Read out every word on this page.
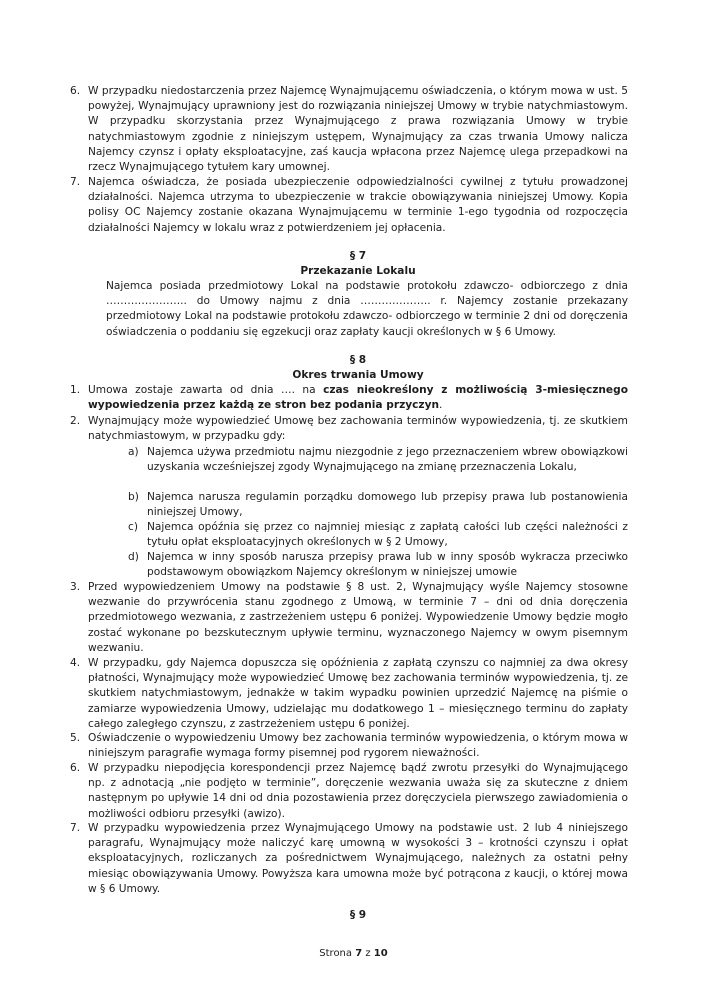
6. W przypadku niedostarczenia przez Najemcę Wynajmującemu oświadczenia, o którym mowa w ust. 5 powyżej, Wynajmujący uprawniony jest do rozwiązania niniejszej Umowy w trybie natychmiastowym. W przypadku skorzystania przez Wynajmującego z prawa rozwiązania Umowy w trybie natychmiastowym zgodnie z niniejszym ustępem, Wynajmujący za czas trwania Umowy nalicza Najemcy czynsz i opłaty eksploatacyjne, zaś kaucja wpłacona przez Najemcę ulega przepadkowi na rzecz Wynajmującego tytułem kary umownej.
7. Najemca oświadcza, że posiada ubezpieczenie odpowiedzialności cywilnej z tytułu prowadzonej działalności. Najemca utrzyma to ubezpieczenie w trakcie obowiązywania niniejszej Umowy. Kopia polisy OC Najemcy zostanie okazana Wynajmującemu w terminie 1-ego tygodnia od rozpoczęcia działalności Najemcy w lokalu wraz z potwierdzeniem jej opłacenia.
§ 7
Przekazanie Lokalu
Najemca posiada przedmiotowy Lokal na podstawie protokołu zdawczo- odbiorczego z dnia ………………….. do Umowy najmu z dnia ……………….. r. Najemcy zostanie przekazany przedmiotowy Lokal na podstawie protokołu zdawczo- odbiorczego w terminie 2 dni od doręczenia oświadczenia o poddaniu się egzekucji oraz zapłaty kaucji określonych w § 6 Umowy.
§ 8
Okres trwania Umowy
1. Umowa zostaje zawarta od dnia …. na czas nieokreślony z możliwością 3-miesięcznego wypowiedzenia przez każdą ze stron bez podania przyczyn.
2. Wynajmujący może wypowiedzieć Umowę bez zachowania terminów wypowiedzenia, tj. ze skutkiem natychmiastowym, w przypadku gdy:
a) Najemca używa przedmiotu najmu niezgodnie z jego przeznaczeniem wbrew obowiązkowi uzyskania wcześniejszej zgody Wynajmującego na zmianę przeznaczenia Lokalu,
b) Najemca narusza regulamin porządku domowego lub przepisy prawa lub postanowienia niniejszej Umowy,
c) Najemca opóźnia się przez co najmniej miesiąc z zapłatą całości lub części należności z tytułu opłat eksploatacyjnych określonych w § 2 Umowy,
d) Najemca w inny sposób narusza przepisy prawa lub w inny sposób wykracza przeciwko podstawowym obowiązkom Najemcy określonym w niniejszej umowie
3. Przed wypowiedzeniem Umowy na podstawie § 8 ust. 2, Wynajmujący wyśle Najemcy stosowne wezwanie do przywrócenia stanu zgodnego z Umową, w terminie 7 – dni od dnia doręczenia przedmiotowego wezwania, z zastrzeżeniem ustępu 6 poniżej. Wypowiedzenie Umowy będzie mogło zostać wykonane po bezskutecznym upływie terminu, wyznaczonego Najemcy w owym pisemnym wezwaniu.
4. W przypadku, gdy Najemca dopuszcza się opóźnienia z zapłatą czynszu co najmniej za dwa okresy płatności, Wynajmujący może wypowiedzieć Umowę bez zachowania terminów wypowiedzenia, tj. ze skutkiem natychmiastowym, jednakże w takim wypadku powinien uprzedzić Najemcę na piśmie o zamiarze wypowiedzenia Umowy, udzielając mu dodatkowego 1 – miesięcznego terminu do zapłaty całego zaległego czynszu, z zastrzeżeniem ustępu 6 poniżej.
5. Oświadczenie o wypowiedzeniu Umowy bez zachowania terminów wypowiedzenia, o którym mowa w niniejszym paragrafie wymaga formy pisemnej pod rygorem nieważności.
6. W przypadku niepodjęcia korespondencji przez Najemcę bądź zwrotu przesyłki do Wynajmującego np. z adnotacją „nie podjęto w terminie”, doręczenie wezwania uważa się za skuteczne z dniem następnym po upływie 14 dni od dnia pozostawienia przez doręczyciela pierwszego zawiadomienia o możliwości odbioru przesyłki (awizo).
7. W przypadku wypowiedzenia przez Wynajmującego Umowy na podstawie ust. 2 lub 4 niniejszego paragrafu, Wynajmujący może naliczyć karę umowną w wysokości 3 – krotności czynszu i opłat eksploatacyjnych, rozliczanych za pośrednictwem Wynajmującego, należnych za ostatni pełny miesiąc obowiązywania Umowy. Powyższa kara umowna może być potrącona z kaucji, o której mowa w § 6 Umowy.
§ 9
Strona 7 z 10
